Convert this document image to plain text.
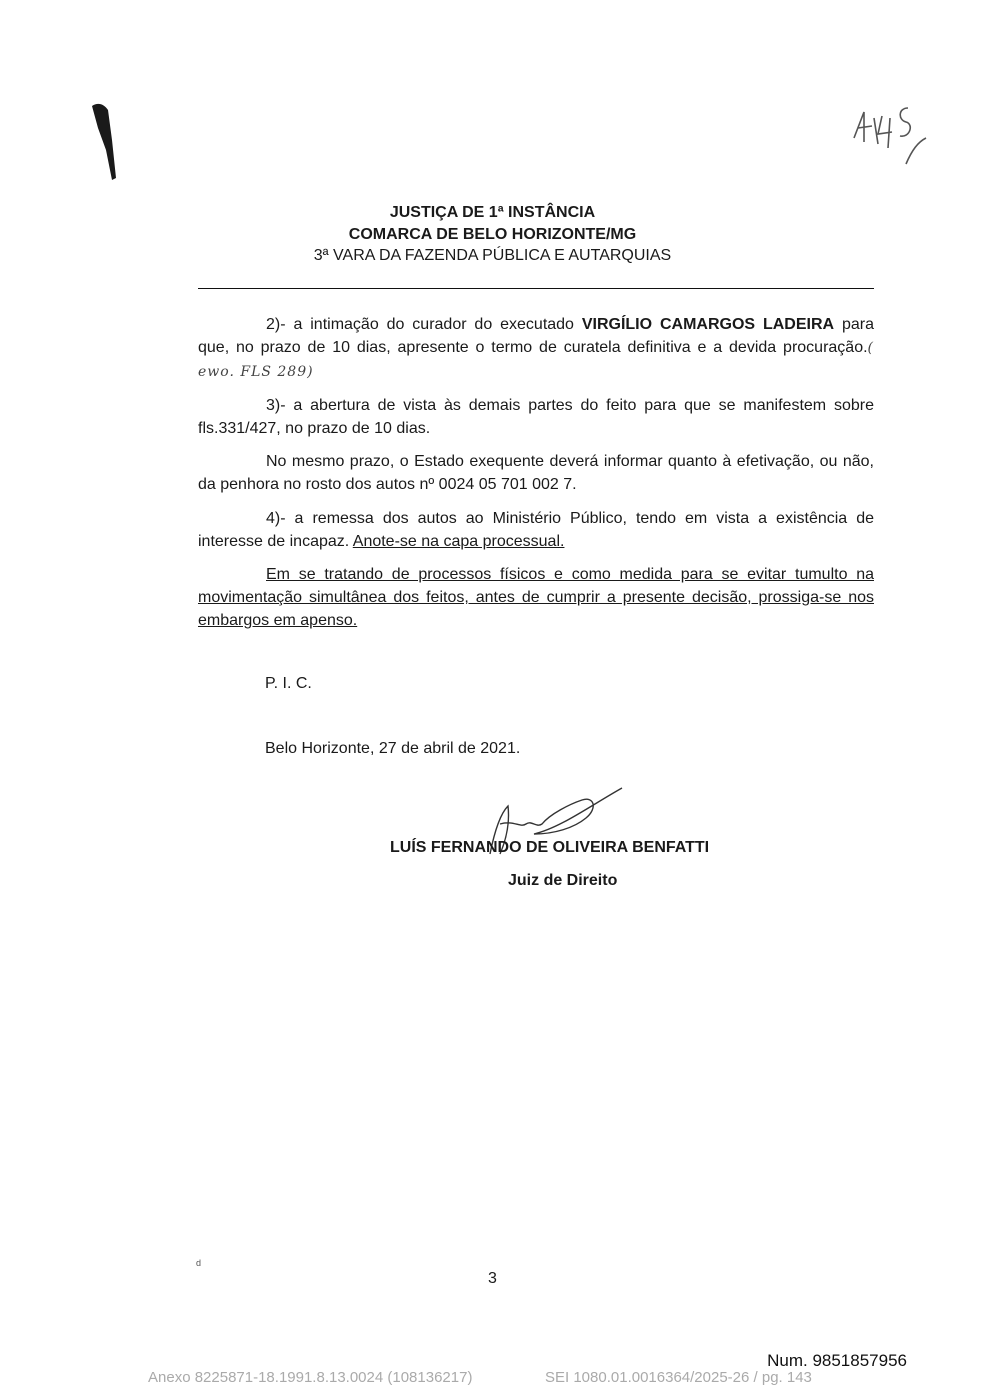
JUSTIÇA DE 1ª INSTÂNCIA
COMARCA DE BELO HORIZONTE/MG
3ª VARA DA FAZENDA PÚBLICA E AUTARQUIAS
2)- a intimação do curador do executado VIRGÍLIO CAMARGOS LADEIRA para que, no prazo de 10 dias, apresente o termo de curatela definitiva e a devida procuração.( ewo. FLS 289)
3)- a abertura de vista às demais partes do feito para que se manifestem sobre fls.331/427, no prazo de 10 dias.
No mesmo prazo, o Estado exequente deverá informar quanto à efetivação, ou não, da penhora no rosto dos autos nº 0024 05 701 002 7.
4)- a remessa dos autos ao Ministério Público, tendo em vista a existência de interesse de incapaz. Anote-se na capa processual.
Em se tratando de processos físicos e como medida para se evitar tumulto na movimentação simultânea dos feitos, antes de cumprir a presente decisão, prossiga-se nos embargos em apenso.
P. I. C.
Belo Horizonte, 27 de abril de 2021.
LUÍS FERNANDO DE OLIVEIRA BENFATTI
Juiz de Direito
d
3
Num. 9851857956
Anexo 8225871-18.1991.8.13.0024 (108136217)	SEI 1080.01.0016364/2025-26 / pg. 143
